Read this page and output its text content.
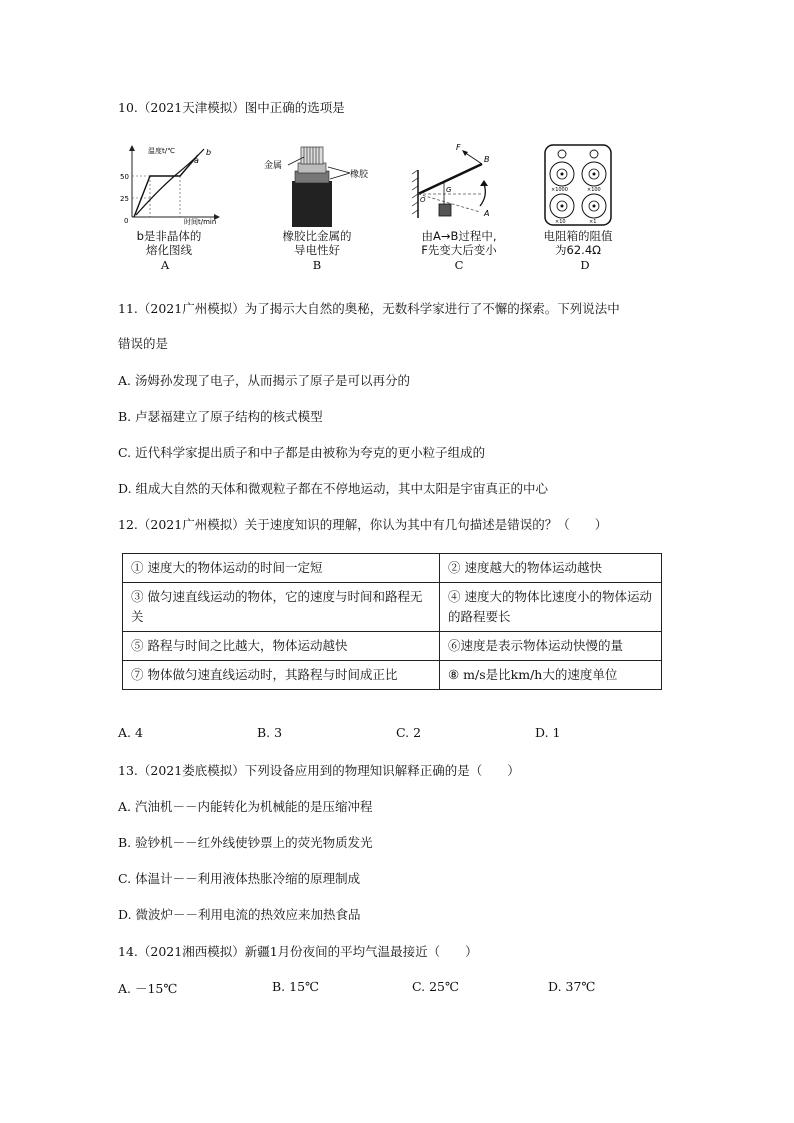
10.（2021天津模拟）图中正确的选项是
温度t/℃
50
25
0	时间t/min
a
b
b是非晶体的
熔化图线
A
金属
橡胶
橡胶比金属的
导电性好
B
F
B
A
O
G
由A→B过程中,
F先变大后变小
C
×1000	×100
×10	×1
电阻箱的阻值
为62.4Ω
D
11.（2021广州模拟）为了揭示大自然的奥秘，无数科学家进行了不懈的探索。下列说法中
错误的是
A. 汤姆孙发现了电子，从而揭示了原子是可以再分的
B. 卢瑟福建立了原子结构的核式模型
C. 近代科学家提出质子和中子都是由被称为夸克的更小粒子组成的
D. 组成大自然的天体和微观粒子都在不停地运动，其中太阳是宇宙真正的中心
12.（2021广州模拟）关于速度知识的理解，你认为其中有几句描述是错误的？（　　）
① 速度大的物体运动的时间一定短	② 速度越大的物体运动越快
③ 做匀速直线运动的物体，它的速度与时间和路程无关	④ 速度大的物体比速度小的物体运动的路程要长
⑤ 路程与时间之比越大，物体运动越快	⑥速度是表示物体运动快慢的量
⑦ 物体做匀速直线运动时，其路程与时间成正比	⑧ m/s是比km/h大的速度单位
A. 4	B. 3	C. 2	D. 1
13.（2021娄底模拟）下列设备应用到的物理知识解释正确的是（　　）
A. 汽油机－－内能转化为机械能的是压缩冲程
B. 验钞机－－红外线使钞票上的荧光物质发光
C. 体温计－－利用液体热胀冷缩的原理制成
D. 微波炉－－利用电流的热效应来加热食品
14.（2021湘西模拟）新疆1月份夜间的平均气温最接近（　　）
A. －15℃	B. 15℃	C. 25℃	D. 37℃
